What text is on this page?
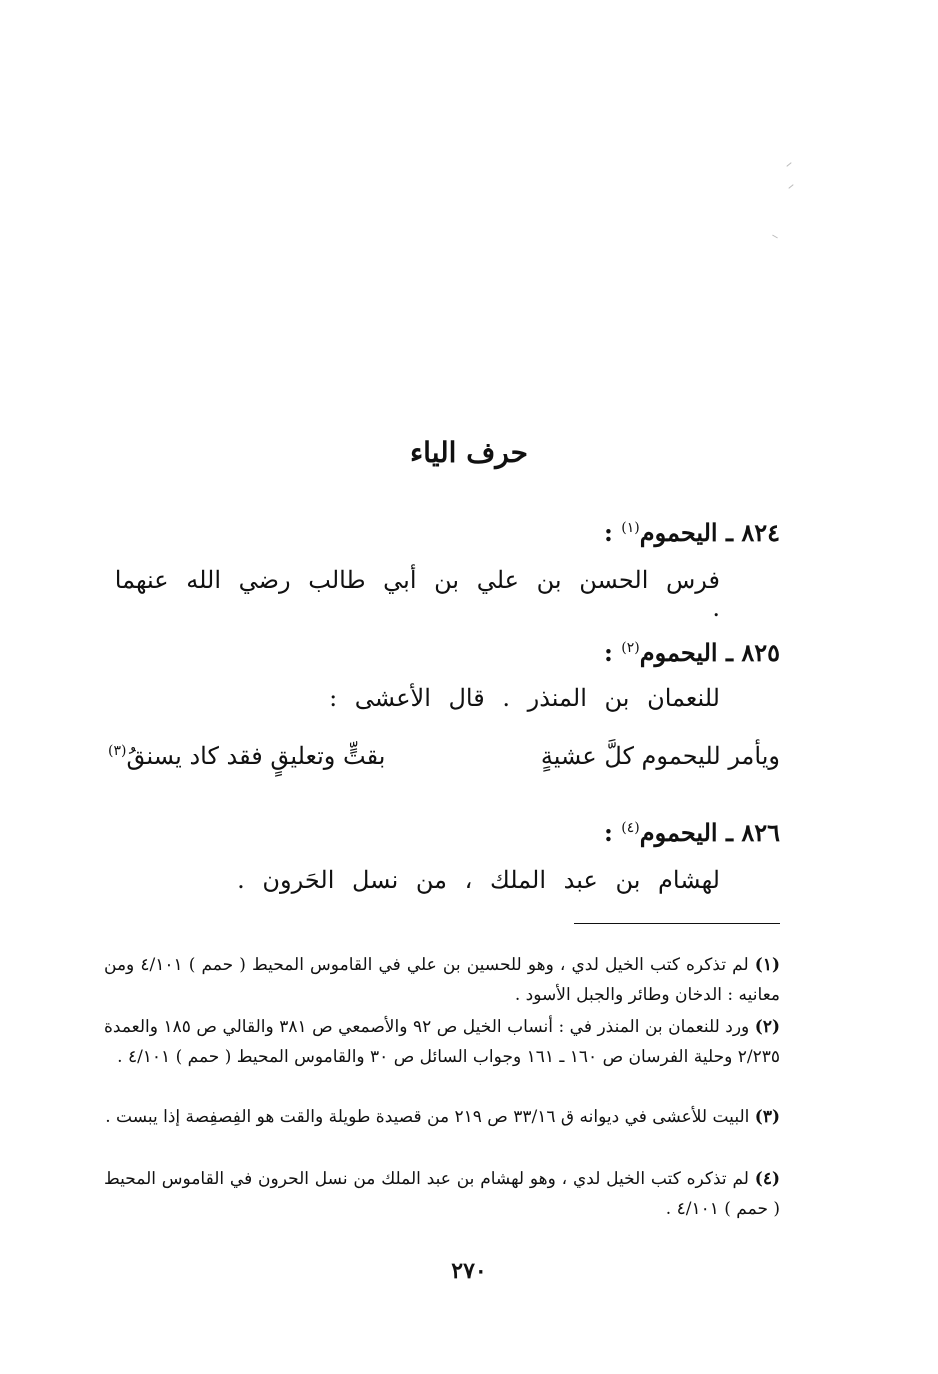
حرف الياء
٨٢٤ ـ اليحموم$^{(١)}$ :
فرس الحسن بن علي بن أبي طالب رضي الله عنهما .
٨٢٥ ـ اليحموم$^{(٢)}$ :
للنعمان بن المنذر . قال الأعشى :
ويأمر لليحموم كلَّ عشيةٍ
بقتٍّ وتعليقٍ فقد كاد يسنقُ$^{(٣)}$
٨٢٦ ـ اليحموم$^{(٤)}$ :
لهشام بن عبد الملك ، من نسل الحَرون .
(١) لم تذكره كتب الخيل لدي ، وهو للحسين بن علي في القاموس المحيط ( حمم ) ٤/١٠١ ومن معانيه : الدخان وطائر والجبل الأسود .
(٢) ورد للنعمان بن المنذر في : أنساب الخيل ص ٩٢ والأصمعي ص ٣٨١ والقالي ص ١٨٥ والعمدة ٢/٢٣٥ وحلية الفرسان ص ١٦٠ ـ ١٦١ وجواب السائل ص ٣٠ والقاموس المحيط ( حمم ) ٤/١٠١ .
(٣) البيت للأعشى في ديوانه ق ٣٣/١٦ ص ٢١٩ من قصيدة طويلة والقت هو الفِصفِصة إذا يبست .
(٤) لم تذكره كتب الخيل لدي ، وهو لهشام بن عبد الملك من نسل الحرون في القاموس المحيط ( حمم ) ٤/١٠١ .
٢٧٠
